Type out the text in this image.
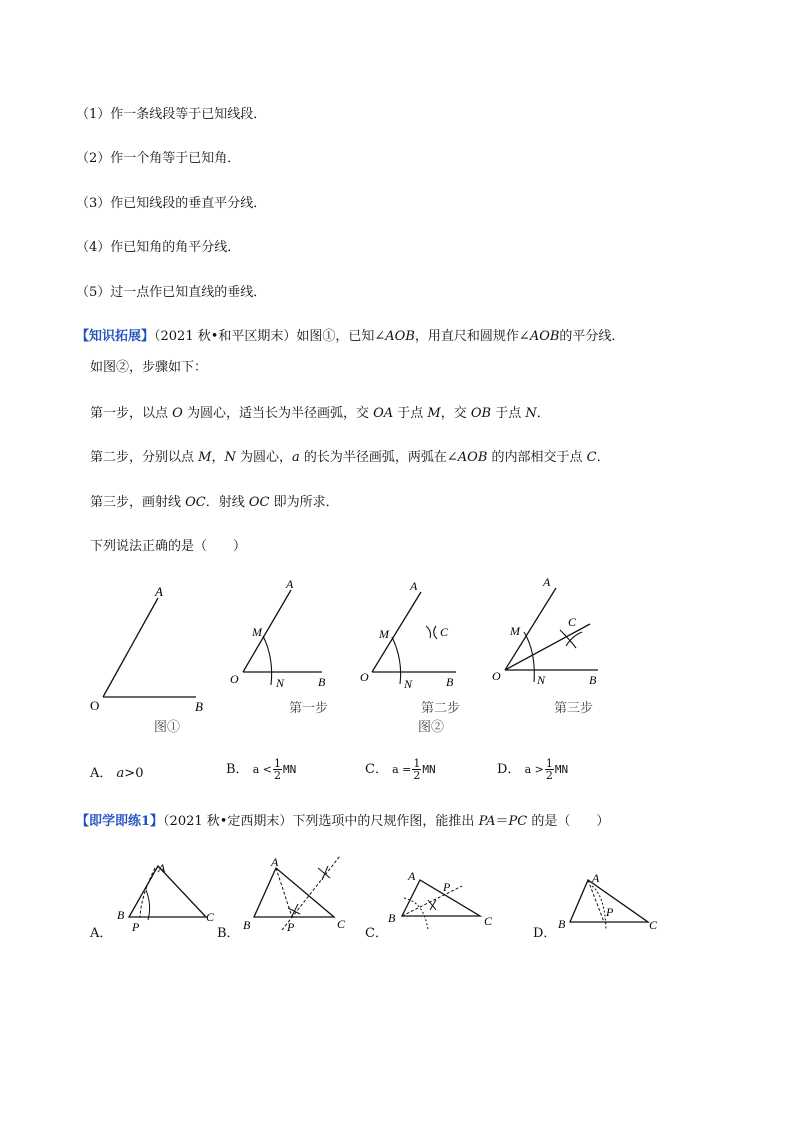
（1）作一条线段等于已知线段．
（2）作一个角等于已知角．
（3）作已知线段的垂直平分线．
（4）作已知角的角平分线．
（5）过一点作已知直线的垂线．
【知识拓展】（2021 秋•和平区期末）如图①，已知∠AOB，用直尺和圆规作∠AOB的平分线．
如图②，步骤如下：
第一步，以点 O 为圆心，适当长为半径画弧，交 OA 于点 M，交 OB 于点 N．
第二步，分别以点 M，N 为圆心，a 的长为半径画弧，两弧在∠AOB 的内部相交于点 C．
第三步，画射线 OC．射线 OC 即为所求．
下列说法正确的是（　　）
A
O	B
图①
A
M
O	N	B
第一步
A
M	C
O	N	B
第二步
图②
A
M
C
O	N	B
第三步
A． a>0	B． $a < \frac{1}{2}$ MN	C． $a = \frac{1}{2}$ MN	D． $a > \frac{1}{2}$ MN
【即学即练1】（2021 秋•定西期末）下列选项中的尺规作图，能推出 PA＝PC 的是（　　）
A
B	C
P
A
B	C
P
A
B	C
P
A
B	C
P
A．	B．	C．	D．
